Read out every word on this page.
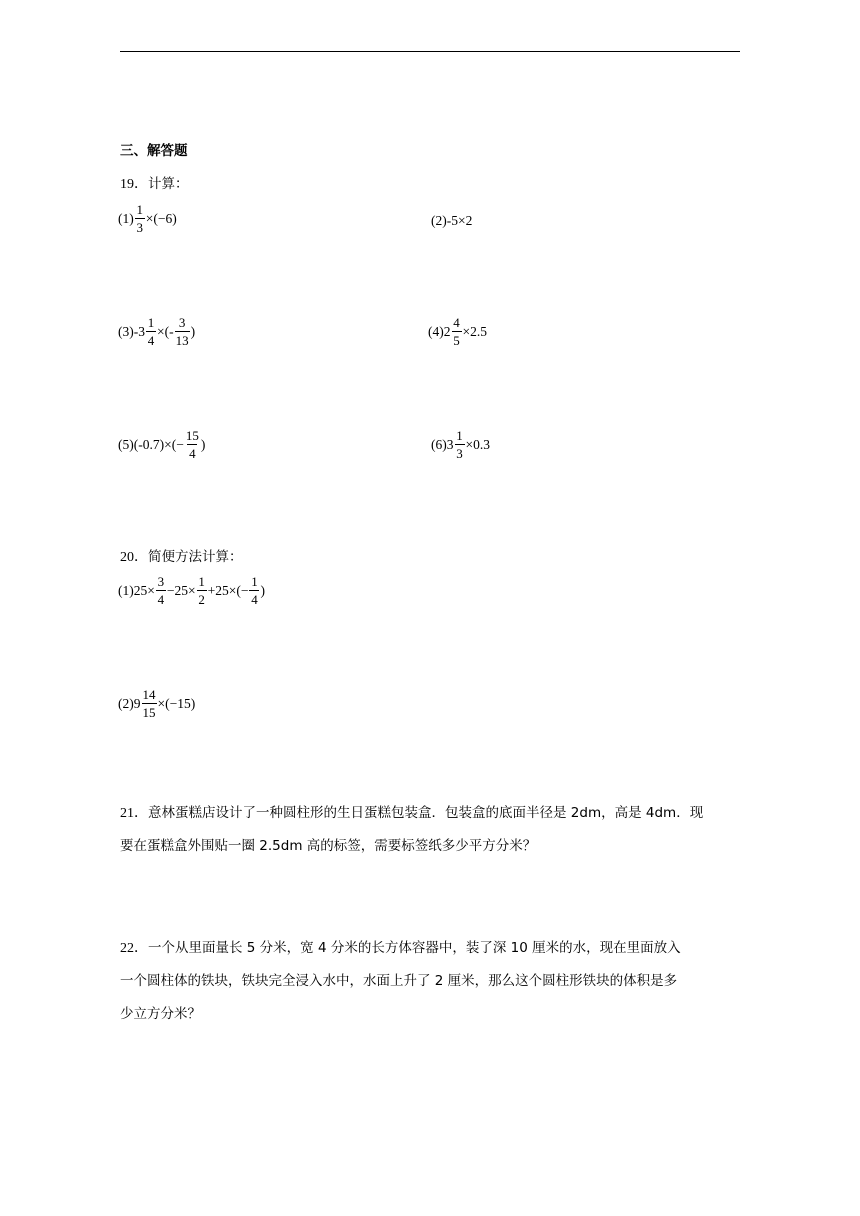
三、解答题
19．计算：
$(1) \frac{1}{3} \times(-6)$	(2) -5×2
(3) $-3 \frac{1}{4}$ ×(- $\frac{3}{13}$ )	(4) $2 \frac{4}{5} \times 2.5$
(5) $(-0.7)\times(- \frac{15}{4}$ )	(6) $3 \frac{1}{3} \times 0.3$
20．简便方法计算：
(1) $25\times \frac{3}{4} -25\times \frac{1}{2} +25\times(- \frac{1}{4}$ )
(2) $9 \frac{14}{15} \times(-15)$
21．意林蛋糕店设计了一种圆柱形的生日蛋糕包装盒．包装盒的底面半径是 2dm，高是 4dm．现
要在蛋糕盒外围贴一圈 2.5dm 高的标签，需要标签纸多少平方分米？
22．一个从里面量长 5 分米，宽 4 分米的长方体容器中，装了深 10 厘米的水，现在里面放入
一个圆柱体的铁块，铁块完全浸入水中，水面上升了 2 厘米，那么这个圆柱形铁块的体积是多
少立方分米？
